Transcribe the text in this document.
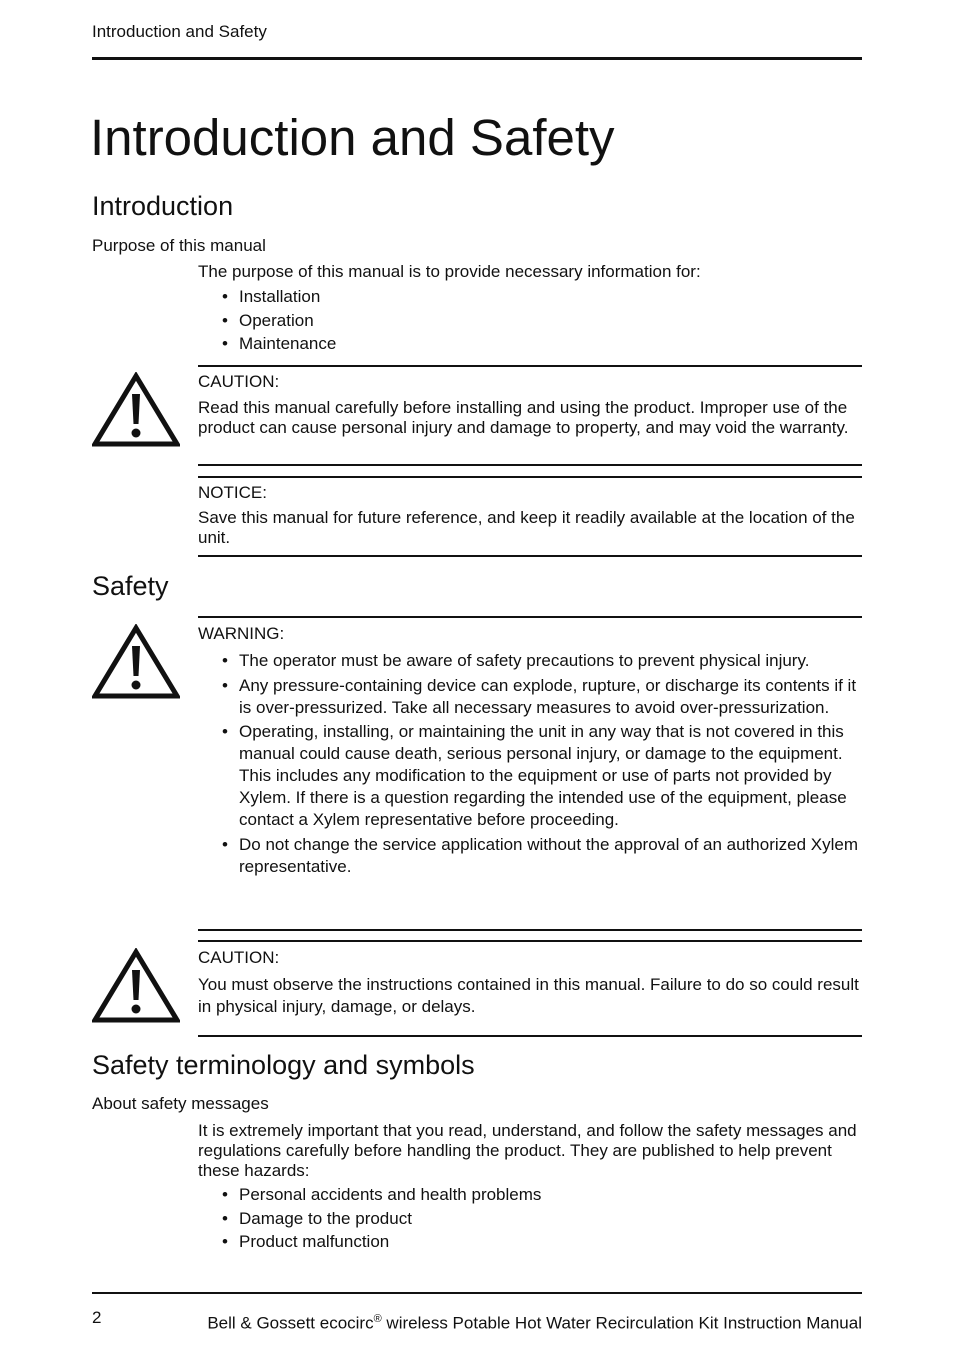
Introduction and Safety
Introduction and Safety
Introduction
Purpose of this manual

The purpose of this manual is to provide necessary information for:

• Installation
• Operation
• Maintenance
CAUTION:
Read this manual carefully before installing and using the product. Improper use of the product can cause personal injury and damage to property, and may void the warranty.
NOTICE:
Save this manual for future reference, and keep it readily available at the location of the unit.
Safety
WARNING:
• The operator must be aware of safety precautions to prevent physical injury.
• Any pressure-containing device can explode, rupture, or discharge its contents if it is over-pressurized. Take all necessary measures to avoid over-pressurization.
• Operating, installing, or maintaining the unit in any way that is not covered in this manual could cause death, serious personal injury, or damage to the equipment. This includes any modification to the equipment or use of parts not provided by Xylem. If there is a question regarding the intended use of the equipment, please contact a Xylem representative before proceeding.
• Do not change the service application without the approval of an authorized Xylem representative.
CAUTION:
You must observe the instructions contained in this manual. Failure to do so could result in physical injury, damage, or delays.
Safety terminology and symbols
About safety messages

It is extremely important that you read, understand, and follow the safety messages and regulations carefully before handling the product. They are published to help prevent these hazards:

• Personal accidents and health problems
• Damage to the product
• Product malfunction
2	Bell & Gossett ecocirc® wireless Potable Hot Water Recirculation Kit Instruction Manual
